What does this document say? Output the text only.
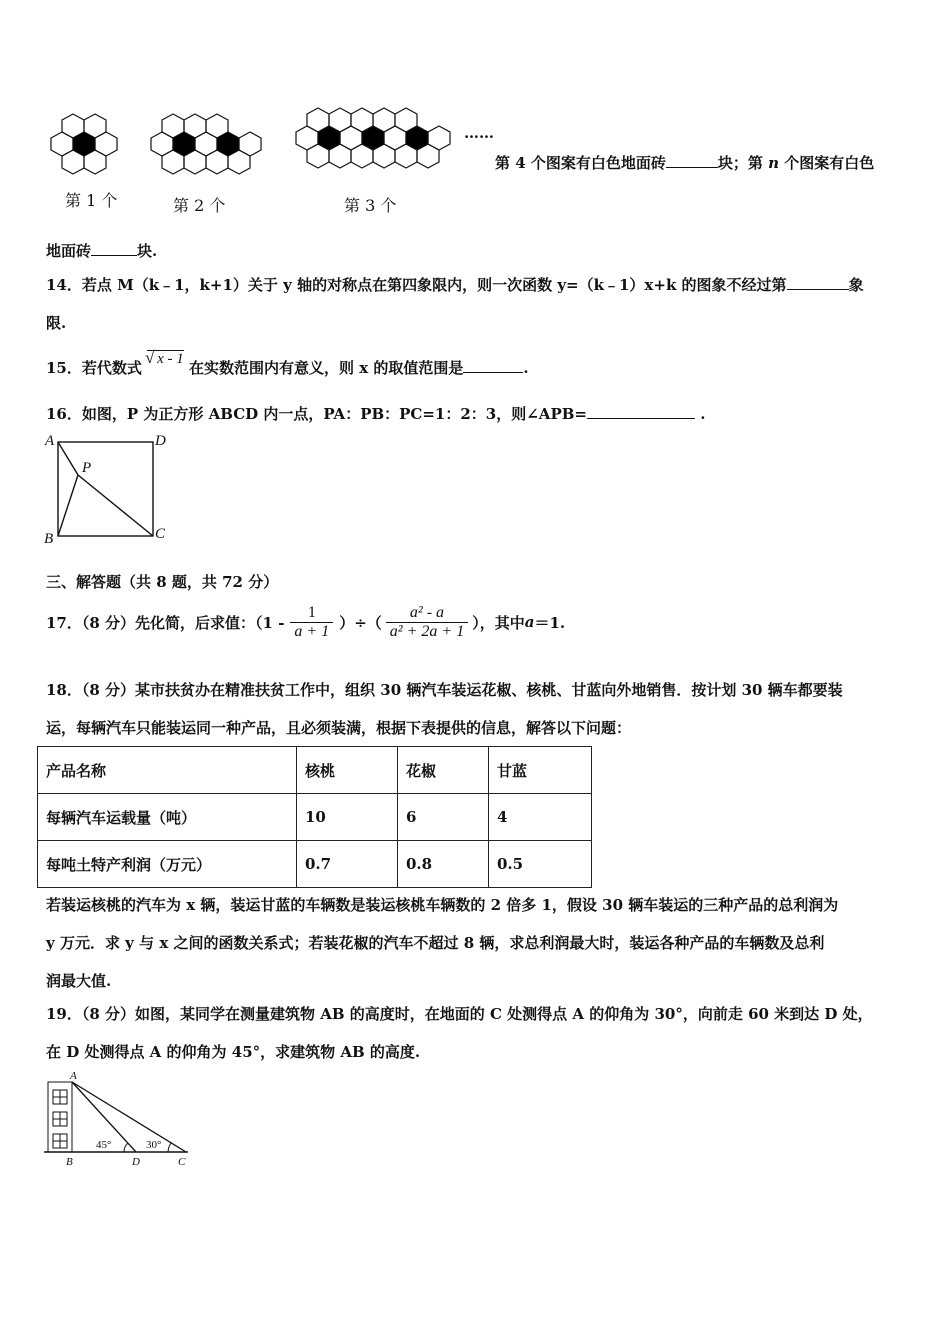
第 1 个	第 2 个	第 3 个
……
第 4 个图案有白色地面砖	块；第 n 个图案有白色
地面砖	块.
14．若点 M（k﹣1，k+1）关于 y 轴的对称点在第四象限内，则一次函数 y=（k﹣1）x+k 的图象不经过第	象
限.
15．若代数式
√ x - 1 在实数范围内有意义，则 x 的取值范围是	.
16．如图，P 为正方形 ABCD 内一点，PA：PB：PC=1：2：3，则∠APB=	.
A	D
P
B	C
三、解答题（共 8 题，共 72 分）
17．（8 分）先化简，后求值：（$1 - \frac{1}{a + 1}$ ）÷（ $\frac{\text{a² - a}}{\text{a² + 2a + 1}}$ ），其中 a ＝1.
18．（8 分）某市扶贫办在精准扶贫工作中，组织 30 辆汽车装运花椒、核桃、甘蓝向外地销售．按计划 30 辆车都要装
运，每辆汽车只能装运同一种产品，且必须装满，根据下表提供的信息，解答以下问题：
产品名称	核桃	花椒	甘蓝
每辆汽车运载量（吨）	10	6	4
每吨土特产利润（万元）	0.7	0.8	0.5
若装运核桃的汽车为 x 辆，装运甘蓝的车辆数是装运核桃车辆数的 2 倍多 1，假设 30 辆车装运的三种产品的总利润为
y 万元．求 y 与 x 之间的函数关系式；若装花椒的汽车不超过 8 辆，求总利润最大时，装运各种产品的车辆数及总利
润最大值.
19．（8 分）如图，某同学在测量建筑物 AB 的高度时，在地面的 C 处测得点 A 的仰角为 30°，向前走 60 米到达 D 处，
在 D 处测得点 A 的仰角为 45°，求建筑物 AB 的高度.
A
B	D	C
45°	30°
